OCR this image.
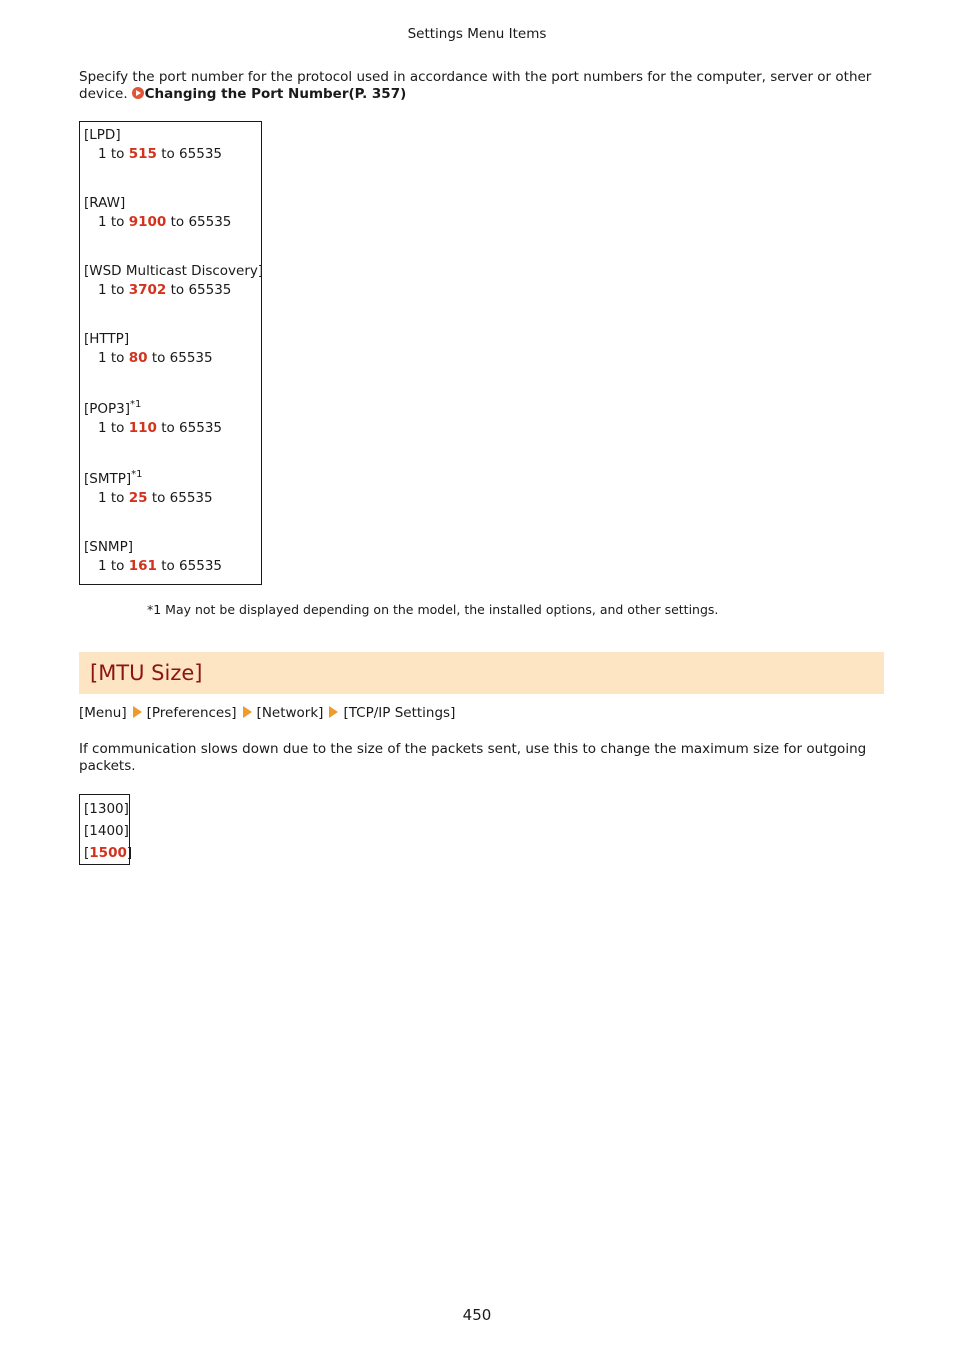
Settings Menu Items
Specify the port number for the protocol used in accordance with the port numbers for the computer, server or other device. Changing the Port Number(P. 357)
[LPD]
1 to 515 to 65535
[RAW]
1 to 9100 to 65535
[WSD Multicast Discovery]
1 to 3702 to 65535
[HTTP]
1 to 80 to 65535
$[POP3]^{*1}$
1 to 110 to 65535
[SMTP]$^{*1}$
1 to 25 to 65535
[SNMP]
1 to 161 to 65535
*1 May not be displayed depending on the model, the installed options, and other settings.
[MTU Size]
[Menu] [Preferences] [Network] [TCP/IP Settings]
If communication slows down due to the size of the packets sent, use this to change the maximum size for outgoing packets.
[1300]
[1400]
[1500]
450
